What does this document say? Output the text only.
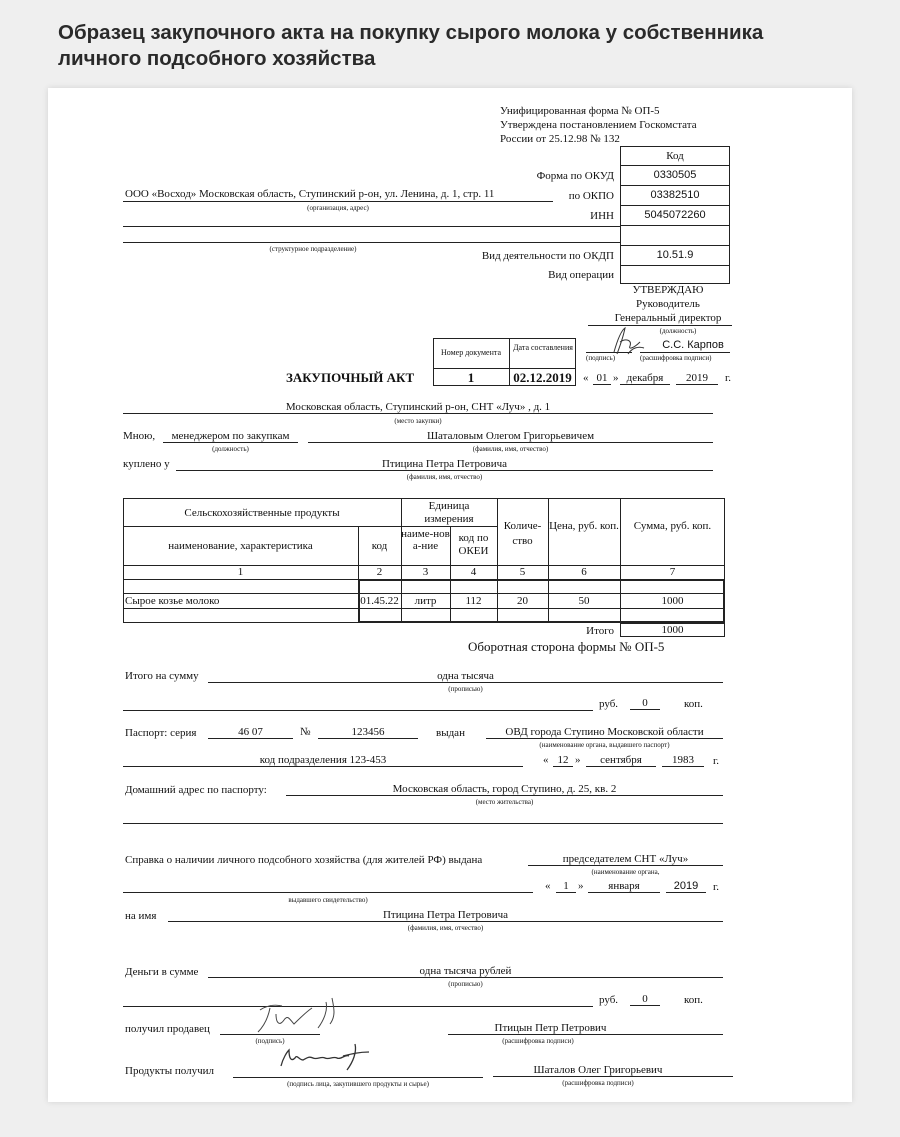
Образец закупочного акта на покупку сырого молока у собственника личного подсобного хозяйства
Унифицированная форма № ОП-5
Утверждена постановлением Госкомстата
России от 25.12.98 № 132
Код
Форма по ОКУД	0330505
по ОКПО	03382510
ИНН	5045072260
Вид деятельности по ОКДП	10.51.9
Вид операции
ООО «Восход» Московская область, Ступинский р-он, ул. Ленина, д. 1, стр. 11
(организация, адрес)
(структурное подразделение)
УТВЕРЖДАЮ
Руководитель
Генеральный директор
(должность)
С.С. Карпов
(подпись)	(расшифровка подписи)
ЗАКУПОЧНЫЙ АКТ
Номер документа
Дата составления
1	02.12.2019	« 01 » декабря	2019	г.
Московская область, Ступинский р-он, СНТ «Луч» , д. 1
(место закупки)
Мною,	менеджером по закупкам
(должность)
Шаталовым Олегом Григорьевичем
(фамилия, имя, отчество)
куплено у	Птицина Петра Петровича
(фамилия, имя, отчество)
Сельскохозяйственные продукты
наименование, характеристика	код
Единица измерения
наиме-нова-ние
код по ОКЕИ
Количе-ство
Цена, руб. коп.	Сумма, руб. коп.
1	2	3	4	5	6	7
Сырое козье молоко	01.45.22	литр	112	20	50	1000
Итого	1000
Оборотная сторона формы № ОП-5
Итого на сумму	одна тысяча
(прописью)
руб.	0	коп.
Паспорт: серия	46 07	№	123456	выдан	ОВД города Ступино Московской области
(наименование органа, выдавшего паспорт)
код подразделения 123-453	« 12 »	сентября	1983	г.
Домашний адрес по паспорту:	Московская область, город Ступино, д. 25, кв. 2
(место жительства)
Справка о наличии личного подсобного хозяйства (для жителей РФ) выдана	председателем СНТ «Луч»
(наименование органа,
«	1 »	января	2019	г.
выдавшего свидетельство)
на имя	Птицина Петра Петровича
(фамилия, имя, отчество)
Деньги в сумме	одна тысяча рублей
(прописью)
руб.	0	коп.
получил продавец
(подпись)
Птицын Петр Петрович
(расшифровка подписи)
Продукты получил
(подпись лица, закупившего продукты и сырье)
Шаталов Олег Григорьевич
(расшифровка подписи)
